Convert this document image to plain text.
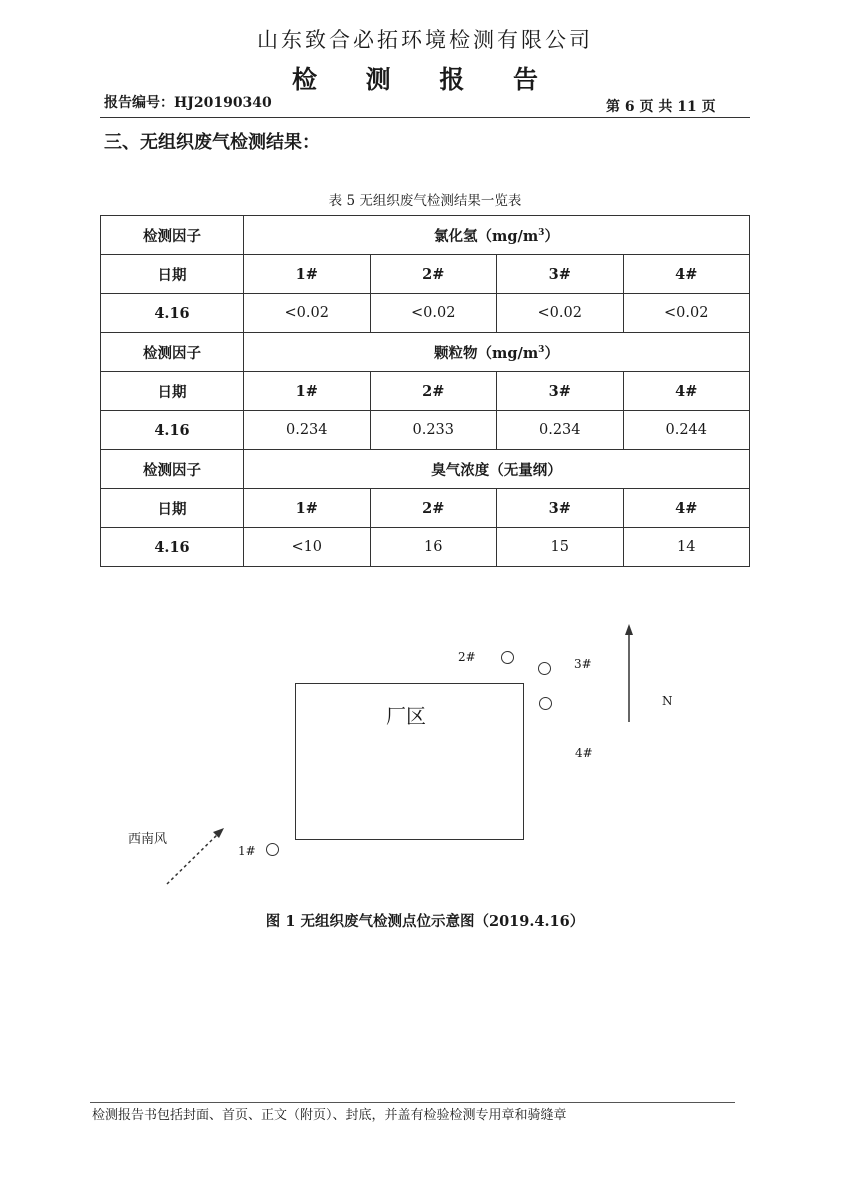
山东致合必拓环境检测有限公司
检 测 报 告
报告编号：HJ20190340	第 6 页 共 11 页
三、无组织废气检测结果：
表 5 无组织废气检测结果一览表
检测因子	氯化氢$(mg/m^3)$			
日期	1#	2#	3#	4#
4.16	<0.02	<0.02	<0.02	<0.02
检测因子	颗粒物$(mg/m^3)$			
日期	1#	2#	3#	4#
4.16	0.234	0.233	0.234	0.244
检测因子	臭气浓度（无量纲）			
日期	1#	2#	3#	4#
4.16	<10	16	15	14
厂区
2#	3#
4#
1#
N
西南风
图 1 无组织废气检测点位示意图（2019.4.16）
检测报告书包括封面、首页、正文（附页）、封底，并盖有检验检测专用章和骑缝章
